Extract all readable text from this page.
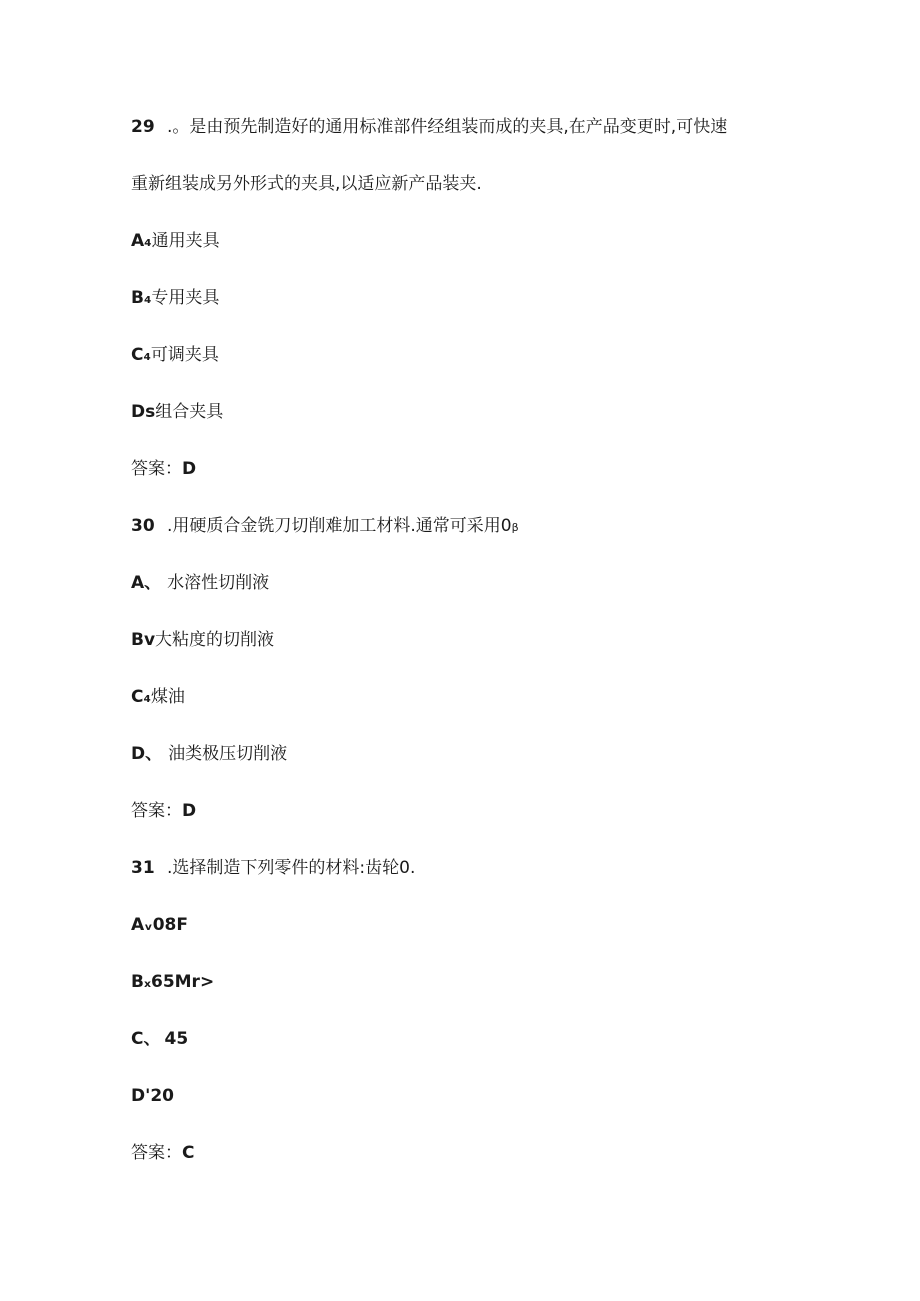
29 .。是由预先制造好的通用标准部件经组装而成的夹具,在产品变更时,可快速
重新组装成另外形式的夹具,以适应新产品装夹.
A₄通用夹具
B₄专用夹具
C₄可调夹具
Ds组合夹具
答案：D
30 .用硬质合金铣刀切削难加工材料.通常可采用0β
A、 水溶性切削液
Bv大粘度的切削液
C₄煤油
D、 油类极压切削液
答案：D
31 .选择制造下列零件的材料:齿轮0.
Aᵥ08F
Bₓ65Mr>
C、 45
D'20
答案：C
